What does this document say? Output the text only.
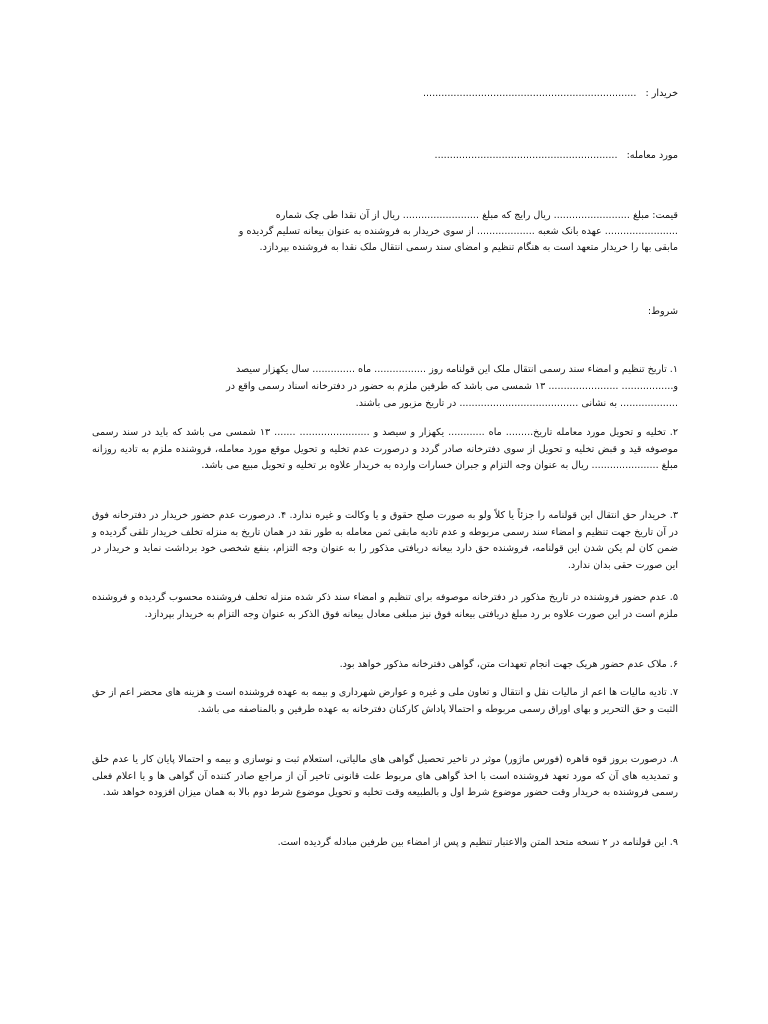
خریدار : ......................................................................
مورد معامله: ............................................................
قیمت: مبلغ ......................... ریال رایج که مبلغ ......................... ریال از آن نقدا طی چک شماره
........................ عهده بانک شعبه ................... از سوی خریدار به فروشنده به عنوان بیعانه تسلیم گردیده و
مابقی بها را خریدار متعهد است به هنگام تنظیم و امضای سند رسمی انتقال ملک نقدا به فروشنده بپردازد.
شروط:
۱. تاریخ تنظیم و امضاء سند رسمی انتقال ملک این قولنامه روز ................. ماه .............. سال یکهزار سیصد
و................. ....................... ۱۳ شمسی می باشد که طرفین ملزم به حضور در دفترخانه اسناد رسمی واقع در
................... به نشانی ....................................... در تاریخ مزبور می باشند.
۲. تخلیه و تحویل مورد معامله تاریخ......... ماه ............ یکهزار و سیصد و ....................... ....... ۱۳ شمسی می باشد که باید در سند رسمی موصوفه قید و قبض تخلیه و تحویل از سوی دفترخانه صادر گردد و درصورت عدم تخلیه و تحویل موقع مورد معامله، فروشنده ملزم به تادیه روزانه مبلغ ...................... ریال به عنوان وجه التزام و جبران خسارات وارده به خریدار علاوه بر تخلیه و تحویل مبیع می باشد.
۳. خریدار حق انتقال این قولنامه را جزئاً یا کلاً ولو به صورت صلح حقوق و یا وکالت و غیره ندارد. ۴. درصورت عدم حضور خریدار در دفترخانه فوق در آن تاریخ جهت تنظیم و امضاء سند رسمی مربوطه و عدم تادیه مابقی ثمن معامله به طور نقد در همان تاریخ به منزله تخلف خریدار تلقی گردیده و ضمن کان لم یکن شدن این قولنامه، فروشنده حق دارد بیعانه دریافتی مذکور را به عنوان وجه التزام، بنفع شخصی خود برداشت نماید و خریدار در این صورت حقی بدان ندارد.
۵. عدم حضور فروشنده در تاریخ مذکور در دفترخانه موصوفه برای تنظیم و امضاء سند ذکر شده منزله تخلف فروشنده محسوب گردیده و فروشنده ملزم است در این صورت علاوه بر رد مبلغ دریافتی بیعانه فوق نیز مبلغی معادل بیعانه فوق الذکر به عنوان وجه التزام به خریدار بپردازد.
۶. ملاک عدم حضور هریک جهت انجام تعهدات متن، گواهی دفترخانه مذکور خواهد بود.
۷. تادیه مالیات ها اعم از مالیات نقل و انتقال و تعاون ملی و غیره و عوارض شهرداری و بیمه به عهده فروشنده است و هزینه های محضر اعم از حق الثبت و حق التحریر و بهای اوراق رسمی مربوطه و احتمالا پاداش کارکنان دفترخانه به عهده طرفین و بالمناصفه می باشد.
۸. درصورت بروز قوه قاهره (فورس ماژور) موثر در تاخیر تحصیل گواهی های مالیاتی، استعلام ثبت و نوسازی و بیمه و احتمالا پایان کار یا عدم خلق و تمدیدیه های آن که مورد تعهد فروشنده است با اخذ گواهی های مربوط علت قانونی تاخیر آن از مراجع صادر کننده آن گواهی ها و یا اعلام فعلی رسمی فروشنده به خریدار وقت حضور موضوع شرط اول و بالطبیعه وقت تخلیه و تحویل موضوع شرط دوم بالا به همان میزان افزوده خواهد شد.
۹. این قولنامه در ۲ نسخه متحد المتن والاعتبار تنظیم و پس از امضاء بین طرفین مبادله گردیده است.
